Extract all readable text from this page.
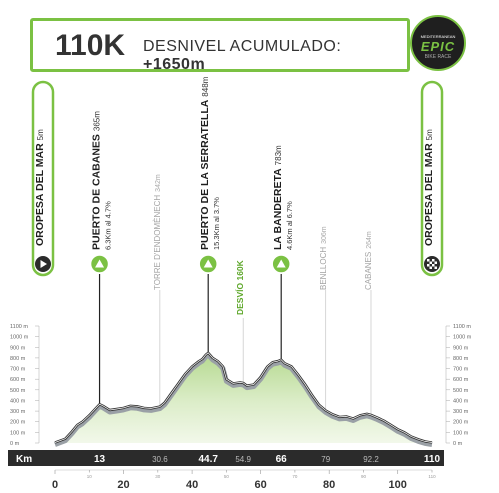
110K DESNIVEL ACUMULADO: +1650m
MEDITERRANEAN
EPIC
BIKE RACE
0 m	0 m
100 m	100 m
200 m	200 m
300 m	300 m
400 m	400 m
500 m	500 m
600 m	600 m
700 m	700 m
800 m	800 m
900 m	900 m
1000 m	1000 m
1100 m	1100 m
OROPESA DEL MAR5m	PUERTO DE CABANES365m
6.3Km al 4.7%	TORRE D'ENDOMÈNECH342m	PUERTO DE LA SERRATELLA848m
15.3Km al 3.7%
DESVÍO 160K
LA BANDERETA783m
4.6Km al 6.7%
BENLLOCH306m
CABANES264m	OROPESA DEL MAR5m
Km	13	30.6	44.7 54.9 66	79	92.2	110
10	30	50	70	90	110
0	20	40	60	80	100
